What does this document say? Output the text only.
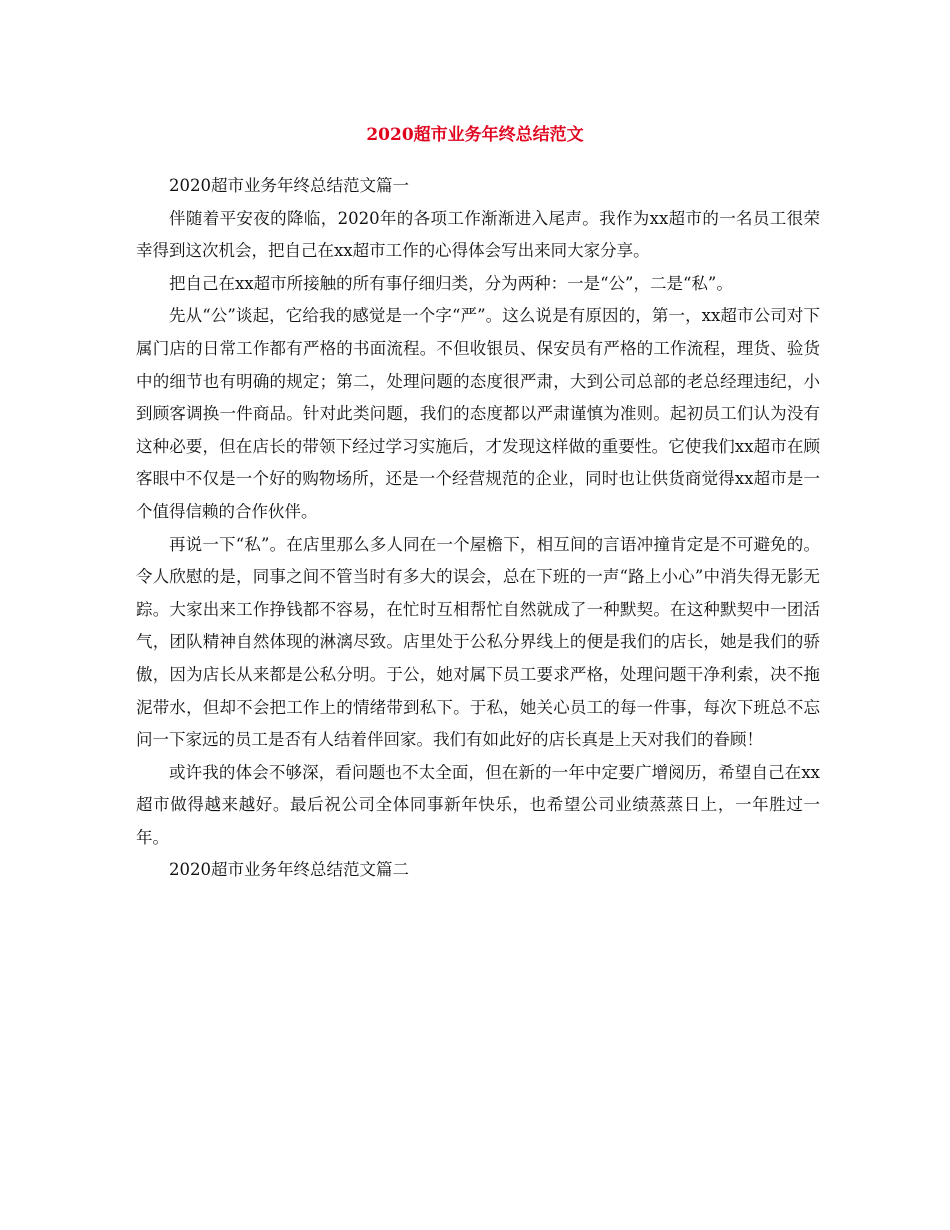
2020超市业务年终总结范文

2020超市业务年终总结范文篇一

伴随着平安夜的降临，2020年的各项工作渐渐进入尾声。我作为xx超市的一名员工很荣幸得到这次机会，把自己在xx超市工作的心得体会写出来同大家分享。

把自己在xx超市所接触的所有事仔细归类，分为两种：一是“公”，二是“私”。

先从“公”谈起，它给我的感觉是一个字“严”。这么说是有原因的，第一，xx超市公司对下属门店的日常工作都有严格的书面流程。不但收银员、保安员有严格的工作流程，理货、验货中的细节也有明确的规定；第二，处理问题的态度很严肃，大到公司总部的老总经理违纪，小到顾客调换一件商品。针对此类问题，我们的态度都以严肃谨慎为准则。起初员工们认为没有这种必要，但在店长的带领下经过学习实施后，才发现这样做的重要性。它使我们xx超市在顾客眼中不仅是一个好的购物场所，还是一个经营规范的企业，同时也让供货商觉得xx超市是一个值得信赖的合作伙伴。

再说一下“私”。在店里那么多人同在一个屋檐下，相互间的言语冲撞肯定是不可避免的。令人欣慰的是，同事之间不管当时有多大的误会，总在下班的一声“路上小心”中消失得无影无踪。大家出来工作挣钱都不容易，在忙时互相帮忙自然就成了一种默契。在这种默契中一团活气，团队精神自然体现的淋漓尽致。店里处于公私分界线上的便是我们的店长，她是我们的骄傲，因为店长从来都是公私分明。于公，她对属下员工要求严格，处理问题干净利索，决不拖泥带水，但却不会把工作上的情绪带到私下。于私，她关心员工的每一件事，每次下班总不忘问一下家远的员工是否有人结着伴回家。我们有如此好的店长真是上天对我们的眷顾！

或许我的体会不够深，看问题也不太全面，但在新的一年中定要广增阅历，希望自己在xx超市做得越来越好。最后祝公司全体同事新年快乐，也希望公司业绩蒸蒸日上，一年胜过一年。

2020超市业务年终总结范文篇二
